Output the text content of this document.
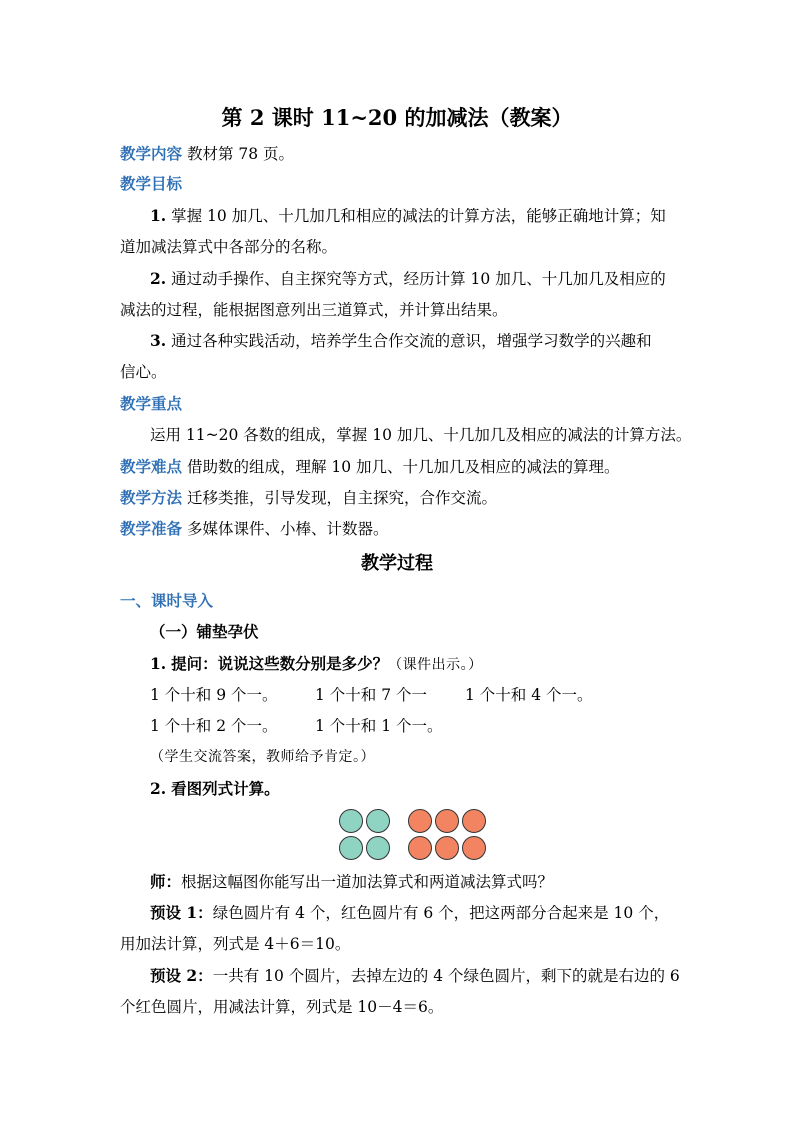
第 2 课时 11~20 的加减法（教案）
教学内容 教材第 78 页。
教学目标
1. 掌握 10 加几、十几加几和相应的减法的计算方法，能够正确地计算；知
道加减法算式中各部分的名称。
2. 通过动手操作、自主探究等方式，经历计算 10 加几、十几加几及相应的
减法的过程，能根据图意列出三道算式，并计算出结果。
3. 通过各种实践活动，培养学生合作交流的意识，增强学习数学的兴趣和
信心。
教学重点
运用 11~20 各数的组成，掌握 10 加几、十几加几及相应的减法的计算方法。
教学难点 借助数的组成，理解 10 加几、十几加几及相应的减法的算理。
教学方法 迁移类推，引导发现，自主探究，合作交流。
教学准备 多媒体课件、小棒、计数器。
教学过程
一、课时导入
（一）铺垫孕伏
1. 提问：说说这些数分别是多少？（课件出示。）
1 个十和 9 个一。 1 个十和 7 个一 1 个十和 4 个一。
1 个十和 2 个一。 1 个十和 1 个一。
（学生交流答案，教师给予肯定。）
2. 看图列式计算。
师：根据这幅图你能写出一道加法算式和两道减法算式吗？
预设 1：绿色圆片有 4 个，红色圆片有 6 个，把这两部分合起来是 10 个，
用加法计算，列式是 4＋6＝10。
预设 2：一共有 10 个圆片，去掉左边的 4 个绿色圆片，剩下的就是右边的 6
个红色圆片，用减法计算，列式是 10－4＝6。
